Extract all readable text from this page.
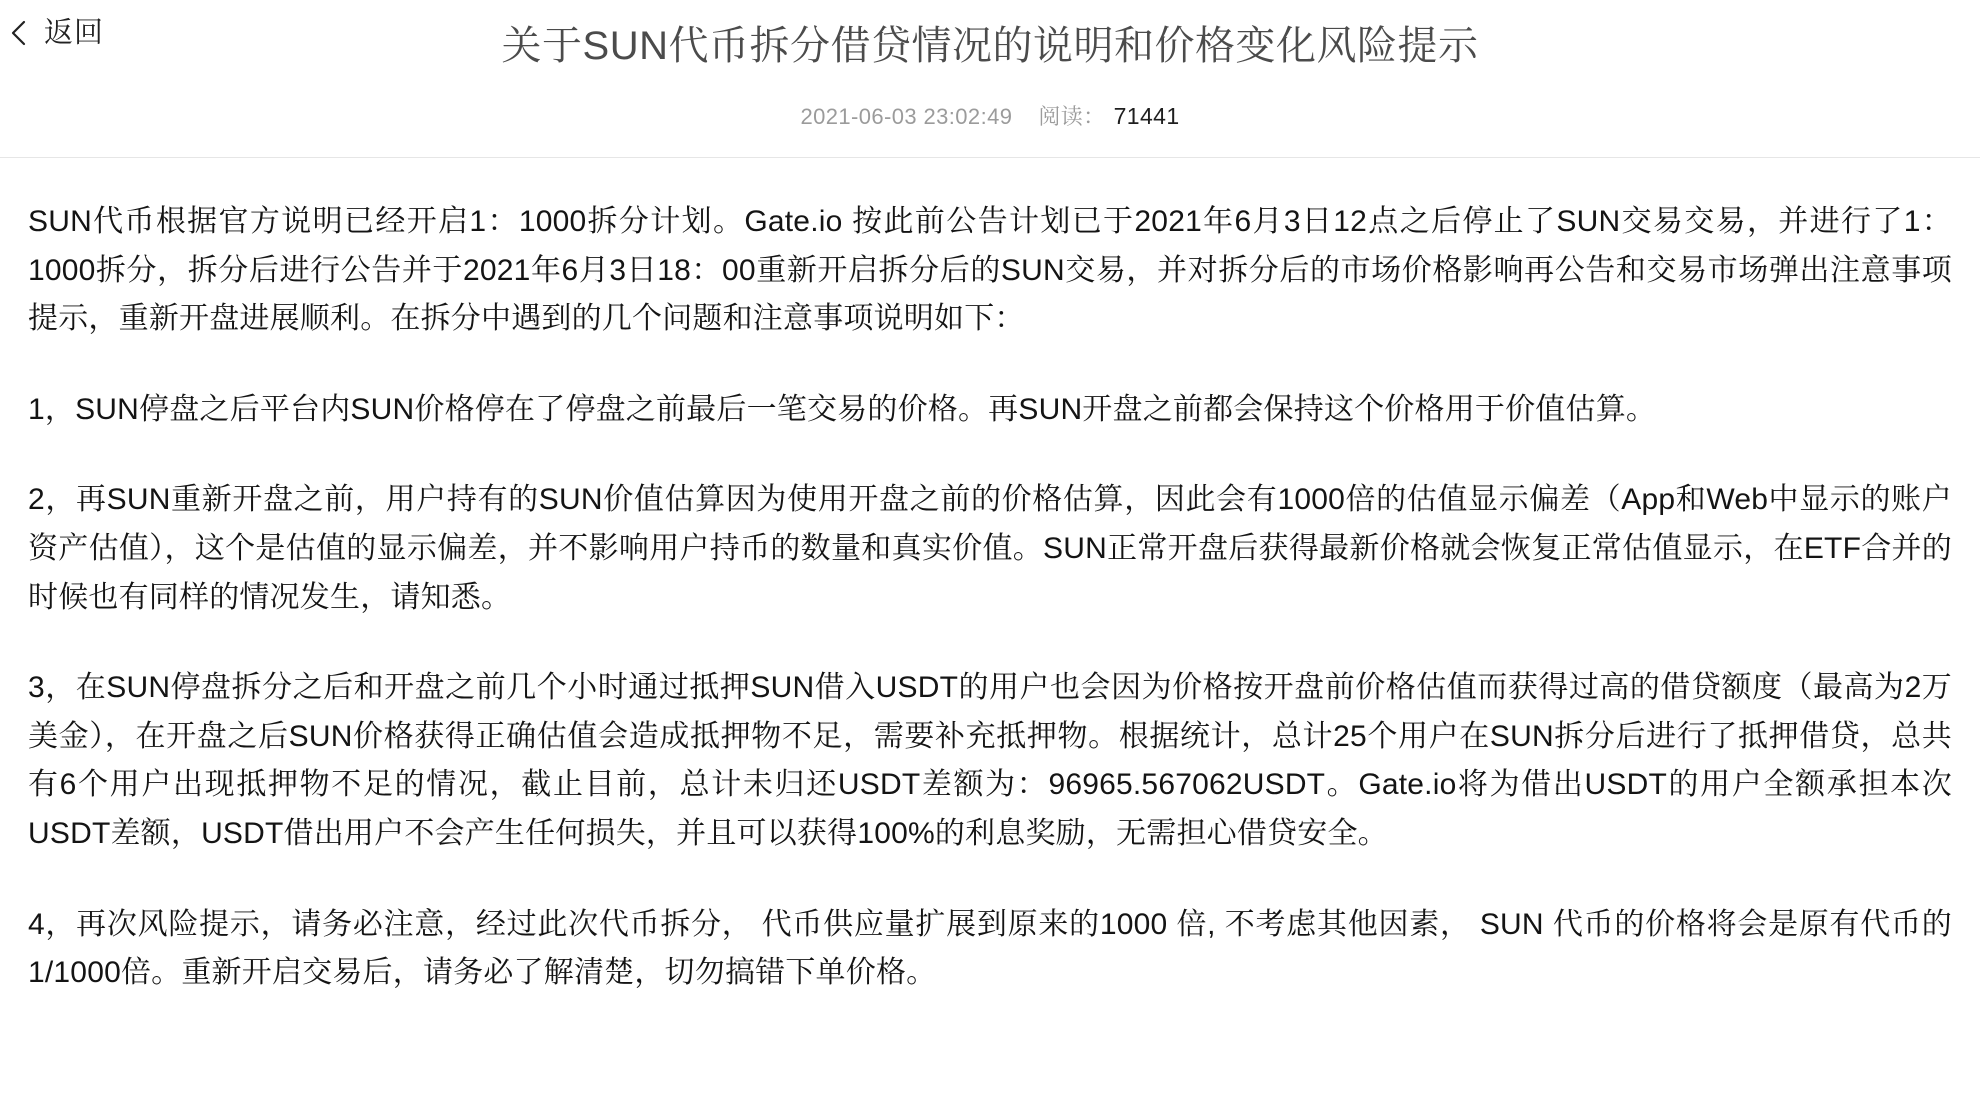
返回	关于SUN代币拆分借贷情况的说明和价格变化风险提示
2021-06-03 23:02:49 阅读： 71441

SUN代币根据官方说明已经开启1：1000拆分计划。Gate.io 按此前公告计划已于2021年6月3日12点之后停止了SUN交易交易，并进行了1：1000拆分，拆分后进行公告并于2021年6月3日18：00重新开启拆分后的SUN交易，并对拆分后的市场价格影响再公告和交易市场弹出注意事项提示，重新开盘进展顺利。在拆分中遇到的几个问题和注意事项说明如下：

1，SUN停盘之后平台内SUN价格停在了停盘之前最后一笔交易的价格。再SUN开盘之前都会保持这个价格用于价值估算。

2，再SUN重新开盘之前，用户持有的SUN价值估算因为使用开盘之前的价格估算，因此会有1000倍的估值显示偏差（App和Web中显示的账户资产估值），这个是估值的显示偏差，并不影响用户持币的数量和真实价值。SUN正常开盘后获得最新价格就会恢复正常估值显示，在ETF合并的时候也有同样的情况发生，请知悉。

3，在SUN停盘拆分之后和开盘之前几个小时通过抵押SUN借入USDT的用户也会因为价格按开盘前价格估值而获得过高的借贷额度（最高为2万美金），在开盘之后SUN价格获得正确估值会造成抵押物不足，需要补充抵押物。根据统计，总计25个用户在SUN拆分后进行了抵押借贷，总共有6个用户出现抵押物不足的情况，截止目前，总计未归还USDT差额为：96965.567062USDT。Gate.io将为借出USDT的用户全额承担本次USDT差额，USDT借出用户不会产生任何损失，并且可以获得100%的利息奖励，无需担心借贷安全。

4，再次风险提示，请务必注意，经过此次代币拆分， 代币供应量扩展到原来的1000 倍, 不考虑其他因素， SUN 代币的价格将会是原有代币的1/1000倍。重新开启交易后，请务必了解清楚，切勿搞错下单价格。
